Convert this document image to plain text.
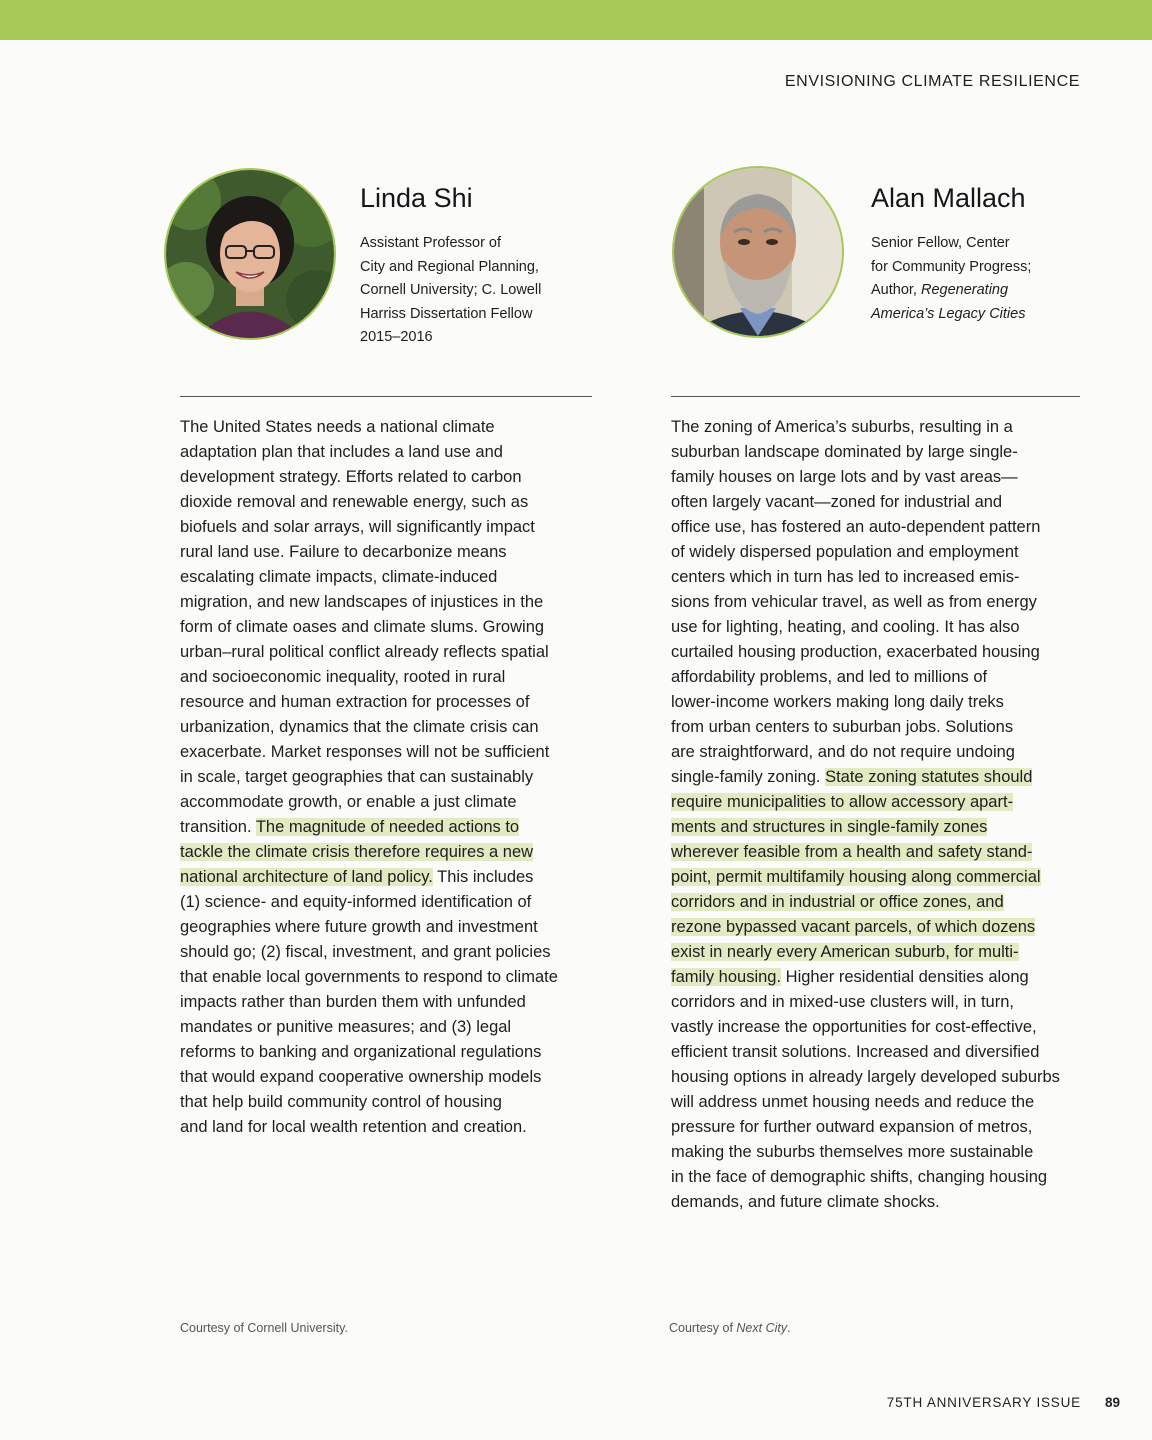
ENVISIONING CLIMATE RESILIENCE
Linda Shi
Assistant Professor of
City and Regional Planning,
Cornell University; C. Lowell
Harriss Dissertation Fellow
2015–2016
The United States needs a national climate
adaptation plan that includes a land use and
development strategy. Efforts related to carbon
dioxide removal and renewable energy, such as
biofuels and solar arrays, will significantly impact
rural land use. Failure to decarbonize means
escalating climate impacts, climate-induced
migration, and new landscapes of injustices in the
form of climate oases and climate slums. Growing
urban–rural political conflict already reflects spatial
and socioeconomic inequality, rooted in rural
resource and human extraction for processes of
urbanization, dynamics that the climate crisis can
exacerbate. Market responses will not be sufficient
in scale, target geographies that can sustainably
accommodate growth, or enable a just climate
transition. The magnitude of needed actions to
tackle the climate crisis therefore requires a new
national architecture of land policy. This includes
(1) science- and equity-informed identification of
geographies where future growth and investment
should go; (2) fiscal, investment, and grant policies
that enable local governments to respond to climate
impacts rather than burden them with unfunded
mandates or punitive measures; and (3) legal
reforms to banking and organizational regulations
that would expand cooperative ownership models
that help build community control of housing
and land for local wealth retention and creation.
Courtesy of Cornell University.
Alan Mallach
Senior Fellow, Center
for Community Progress;
Author, Regenerating
America’s Legacy Cities
The zoning of America’s suburbs, resulting in a
suburban landscape dominated by large single-
family houses on large lots and by vast areas—
often largely vacant—zoned for industrial and
office use, has fostered an auto-dependent pattern
of widely dispersed population and employment
centers which in turn has led to increased emis-
sions from vehicular travel, as well as from energy
use for lighting, heating, and cooling. It has also
curtailed housing production, exacerbated housing
affordability problems, and led to millions of
lower-income workers making long daily treks
from urban centers to suburban jobs. Solutions
are straightforward, and do not require undoing
single-family zoning. State zoning statutes should
require municipalities to allow accessory apart-
ments and structures in single-family zones
wherever feasible from a health and safety stand-
point, permit multifamily housing along commercial
corridors and in industrial or office zones, and
rezone bypassed vacant parcels, of which dozens
exist in nearly every American suburb, for multi-
family housing. Higher residential densities along
corridors and in mixed-use clusters will, in turn,
vastly increase the opportunities for cost-effective,
efficient transit solutions. Increased and diversified
housing options in already largely developed suburbs
will address unmet housing needs and reduce the
pressure for further outward expansion of metros,
making the suburbs themselves more sustainable
in the face of demographic shifts, changing housing
demands, and future climate shocks.
Courtesy of Next City.
75TH ANNIVERSARY ISSUE 89
